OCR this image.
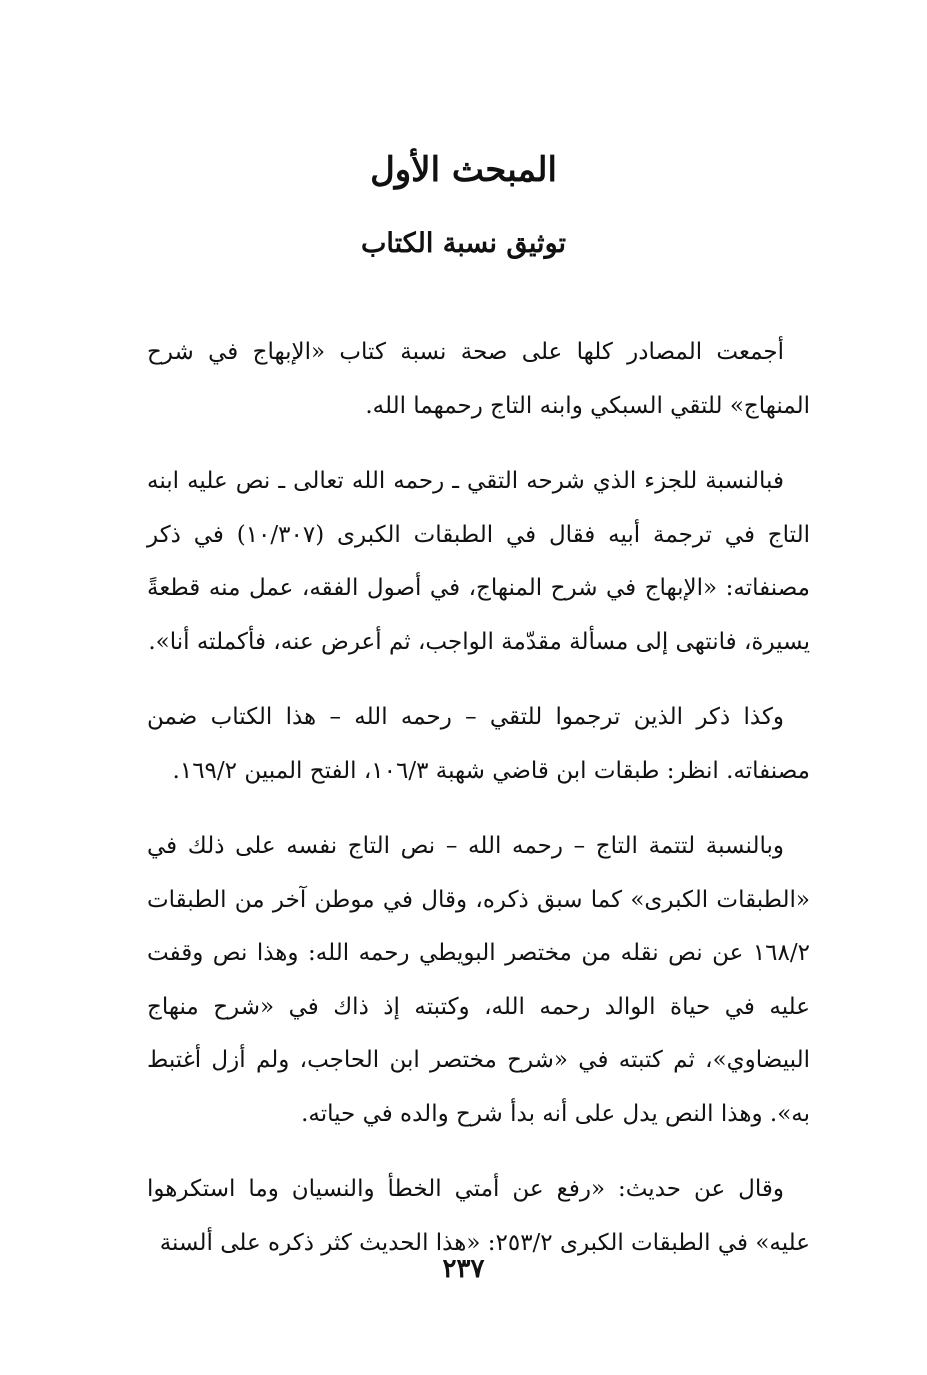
المبحث الأول
توثيق نسبة الكتاب

أجمعت المصادر كلها على صحة نسبة كتاب «الإبهاج في شرح المنهاج» للتقي السبكي وابنه التاج رحمهما الله.

فبالنسبة للجزء الذي شرحه التقي ـ رحمه الله تعالى ـ نص عليه ابنه التاج في ترجمة أبيه فقال في الطبقات الكبرى (١٠/٣٠٧) في ذكر مصنفاته: «الإبهاج في شرح المنهاج، في أصول الفقه، عمل منه قطعةً يسيرة، فانتهى إلى مسألة مقدّمة الواجب، ثم أعرض عنه، فأكملته أنا».

وكذا ذكر الذين ترجموا للتقي – رحمه الله – هذا الكتاب ضمن مصنفاته. انظر: طبقات ابن قاضي شهبة ١٠٦/٣، الفتح المبين ١٦٩/٢.

وبالنسبة لتتمة التاج – رحمه الله – نص التاج نفسه على ذلك في «الطبقات الكبرى» كما سبق ذكره، وقال في موطن آخر من الطبقات ١٦٨/٢ عن نص نقله من مختصر البويطي رحمه الله: وهذا نص وقفت عليه في حياة الوالد رحمه الله، وكتبته إذ ذاك في «شرح منهاج البيضاوي»، ثم كتبته في «شرح مختصر ابن الحاجب، ولم أزل أغتبط به». وهذا النص يدل على أنه بدأ شرح والده في حياته.

وقال عن حديث: «رفع عن أمتي الخطأ والنسيان وما استكرهوا عليه» في الطبقات الكبرى ٢٥٣/٢: «هذا الحديث كثر ذكره على ألسنة

٢٣٧
